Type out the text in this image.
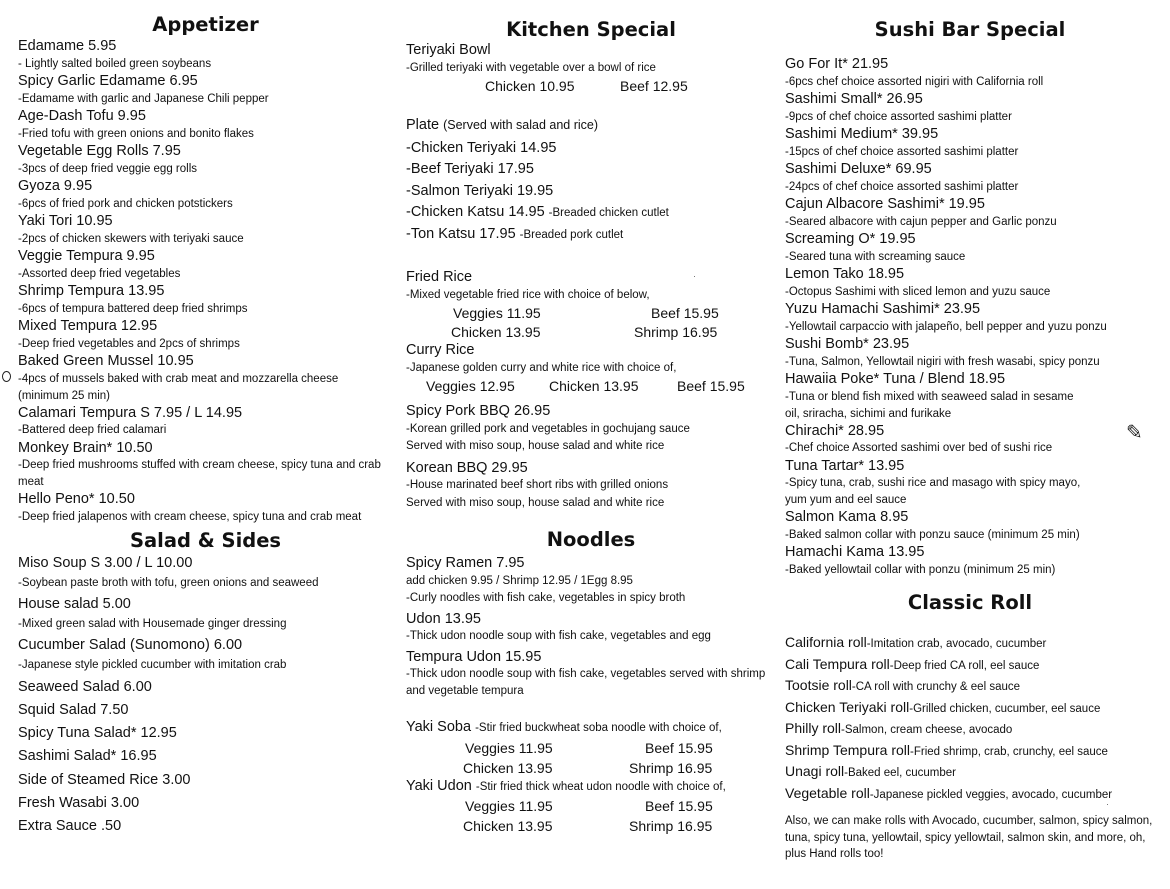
Appetizer
Edamame 5.95
- Lightly salted boiled green soybeans
Spicy Garlic Edamame 6.95
-Edamame with garlic and Japanese Chili pepper
Age-Dash Tofu 9.95
-Fried tofu with green onions and bonito flakes
Vegetable Egg Rolls 7.95
-3pcs of deep fried veggie egg rolls
Gyoza 9.95
-6pcs of fried pork and chicken potstickers
Yaki Tori 10.95
-2pcs of chicken skewers with teriyaki sauce
Veggie Tempura 9.95
-Assorted deep fried vegetables
Shrimp Tempura 13.95
-6pcs of tempura battered deep fried shrimps
Mixed Tempura 12.95
-Deep fried vegetables and 2pcs of shrimps
Baked Green Mussel 10.95
-4pcs of mussels baked with crab meat and mozzarella cheese (minimum 25 min)
Calamari Tempura S 7.95 / L 14.95
-Battered deep fried calamari
Monkey Brain* 10.50
-Deep fried mushrooms stuffed with cream cheese, spicy tuna and crab meat
Hello Peno* 10.50
-Deep fried jalapenos with cream cheese, spicy tuna and crab meat
Salad & Sides
Miso Soup S 3.00 / L 10.00
-Soybean paste broth with tofu, green onions and seaweed
House salad 5.00
-Mixed green salad with Housemade ginger dressing
Cucumber Salad (Sunomono) 6.00
-Japanese style pickled cucumber with imitation crab
Seaweed Salad 6.00
Squid Salad 7.50
Spicy Tuna Salad* 12.95
Sashimi Salad* 16.95
Side of Steamed Rice 3.00
Fresh Wasabi 3.00
Extra Sauce .50
Kitchen Special
Teriyaki Bowl
-Grilled teriyaki with vegetable over a bowl of rice
Chicken 10.95	Beef 12.95
Plate (Served with salad and rice)
-Chicken Teriyaki 14.95
-Beef Teriyaki 17.95
-Salmon Teriyaki 19.95
-Chicken Katsu 14.95 -Breaded chicken cutlet
-Ton Katsu 17.95 -Breaded pork cutlet
Fried Rice
-Mixed vegetable fried rice with choice of below,
Veggies 11.95	Beef 15.95
Chicken 13.95	Shrimp 16.95
Curry Rice
-Japanese golden curry and white rice with choice of,
Veggies 12.95	Chicken 13.95	Beef 15.95
Spicy Pork BBQ 26.95
-Korean grilled pork and vegetables in gochujang sauce
Served with miso soup, house salad and white rice
Korean BBQ 29.95
-House marinated beef short ribs with grilled onions
Served with miso soup, house salad and white rice
Noodles
Spicy Ramen 7.95
add chicken 9.95 / Shrimp 12.95 / 1Egg 8.95
-Curly noodles with fish cake, vegetables in spicy broth
Udon 13.95
-Thick udon noodle soup with fish cake, vegetables and egg
Tempura Udon 15.95
-Thick udon noodle soup with fish cake, vegetables served with shrimp and vegetable tempura
Yaki Soba -Stir fried buckwheat soba noodle with choice of,
Veggies 11.95	Beef 15.95
Chicken 13.95	Shrimp 16.95
Yaki Udon -Stir fried thick wheat udon noodle with choice of,
Veggies 11.95	Beef 15.95
Chicken 13.95	Shrimp 16.95
Sushi Bar Special
Go For It* 21.95
-6pcs chef choice assorted nigiri with California roll
Sashimi Small* 26.95
-9pcs of chef choice assorted sashimi platter
Sashimi Medium* 39.95
-15pcs of chef choice assorted sashimi platter
Sashimi Deluxe* 69.95
-24pcs of chef choice assorted sashimi platter
Cajun Albacore Sashimi* 19.95
-Seared albacore with cajun pepper and Garlic ponzu
Screaming O* 19.95
-Seared tuna with screaming sauce
Lemon Tako 18.95
-Octopus Sashimi with sliced lemon and yuzu sauce
Yuzu Hamachi Sashimi* 23.95
-Yellowtail carpaccio with jalapeño, bell pepper and yuzu ponzu
Sushi Bomb* 23.95
-Tuna, Salmon, Yellowtail nigiri with fresh wasabi, spicy ponzu
Hawaiia Poke* Tuna / Blend 18.95
-Tuna or blend fish mixed with seaweed salad in sesame oil, sriracha, sichimi and furikake
Chirachi* 28.95
-Chef choice Assorted sashimi over bed of sushi rice
Tuna Tartar* 13.95
-Spicy tuna, crab, sushi rice and masago with spicy mayo, yum yum and eel sauce
Salmon Kama 8.95
-Baked salmon collar with ponzu sauce (minimum 25 min)
Hamachi Kama 13.95
-Baked yellowtail collar with ponzu (minimum 25 min)
Classic Roll
California roll-Imitation crab, avocado, cucumber
Cali Tempura roll-Deep fried CA roll, eel sauce
Tootsie roll-CA roll with crunchy & eel sauce
Chicken Teriyaki roll-Grilled chicken, cucumber, eel sauce
Philly roll-Salmon, cream cheese, avocado
Shrimp Tempura roll-Fried shrimp, crab, crunchy, eel sauce
Unagi roll-Baked eel, cucumber
Vegetable roll-Japanese pickled veggies, avocado, cucumber
Also, we can make rolls with Avocado, cucumber, salmon, spicy salmon, tuna, spicy tuna, yellowtail, spicy yellowtail, salmon skin, and more, oh, plus Hand rolls too!
✎
